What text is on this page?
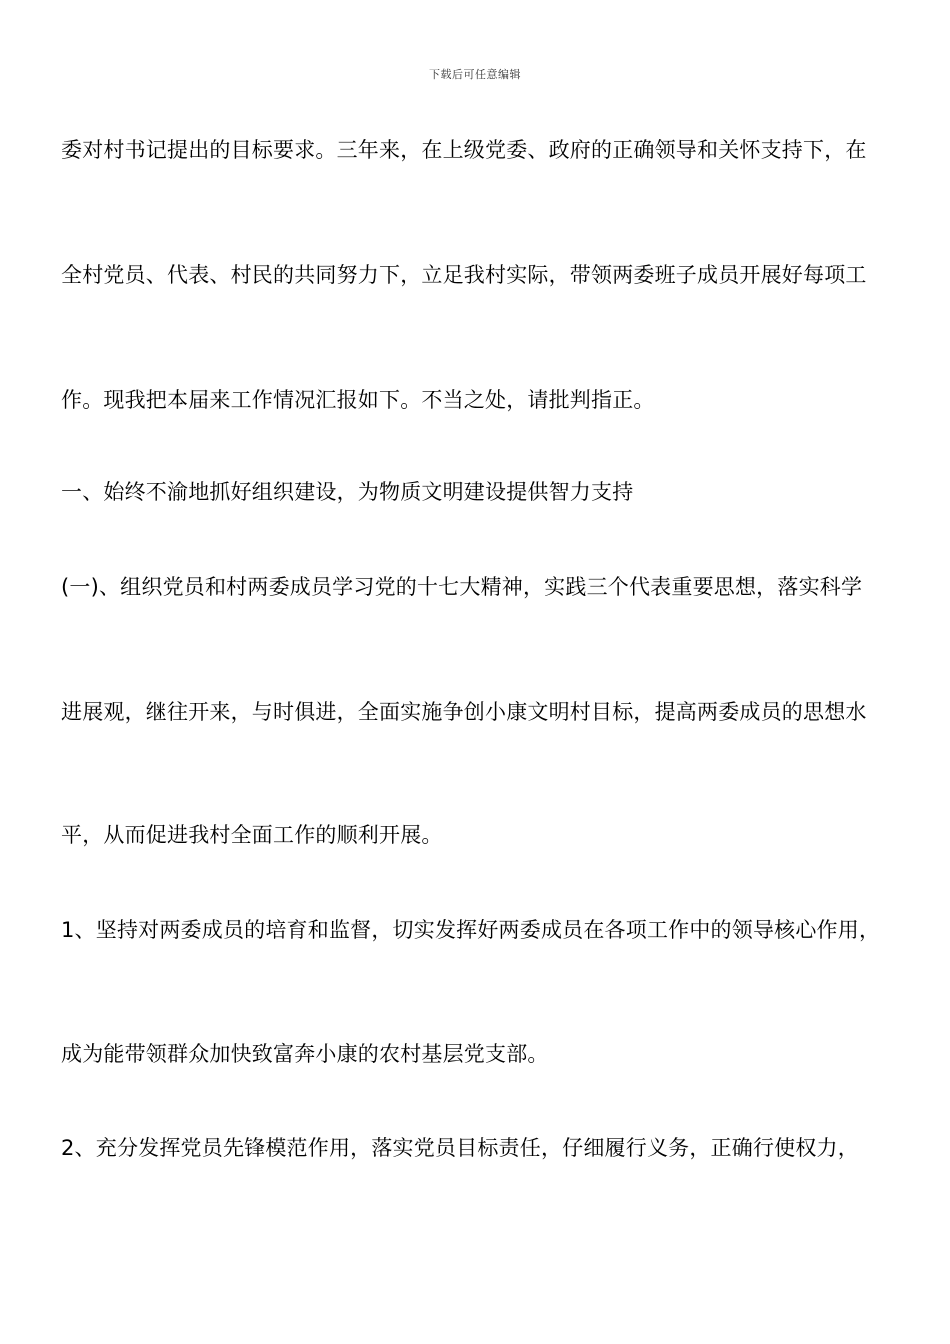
下载后可任意编辑
委对村书记提出的目标要求。三年来，在上级党委、政府的正确领导和关怀支持下，在
全村党员、代表、村民的共同努力下，立足我村实际，带领两委班子成员开展好每项工
作。现我把本届来工作情况汇报如下。不当之处，请批判指正。
一、始终不渝地抓好组织建设，为物质文明建设提供智力支持
(一)、组织党员和村两委成员学习党的十七大精神，实践三个代表重要思想，落实科学
进展观，继往开来，与时俱进，全面实施争创小康文明村目标，提高两委成员的思想水
平，从而促进我村全面工作的顺利开展。
1、坚持对两委成员的培育和监督，切实发挥好两委成员在各项工作中的领导核心作用，
成为能带领群众加快致富奔小康的农村基层党支部。
2、充分发挥党员先锋模范作用，落实党员目标责任，仔细履行义务，正确行使权力，
